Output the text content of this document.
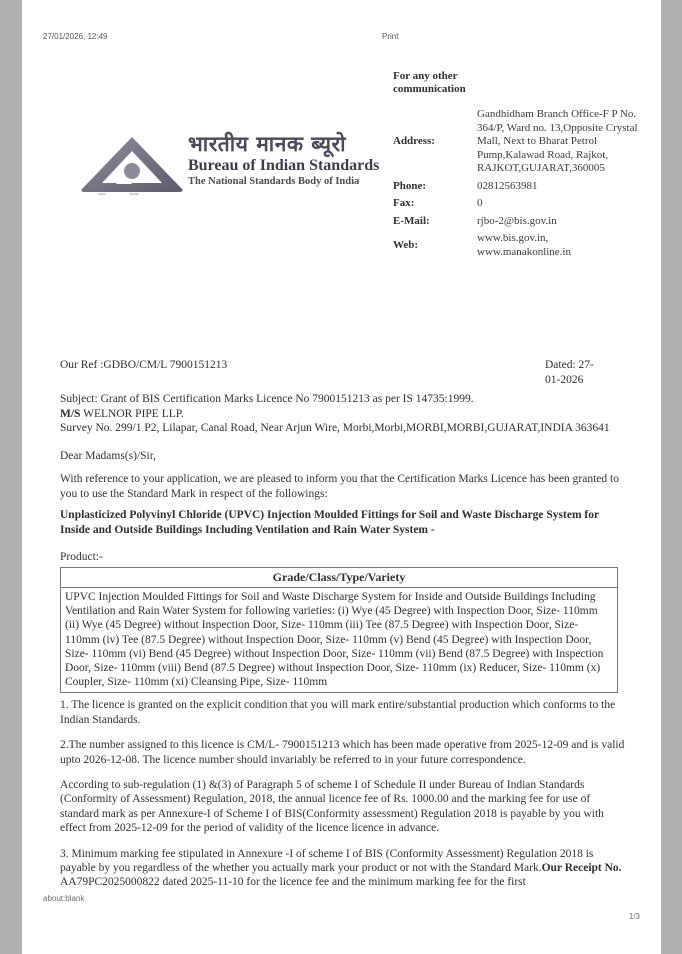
27/01/2026, 12:49	Print
For any other communication
Address:	Gandhidham Branch Office-F P No. 364/P, Ward no. 13,Opposite Crystal Mall, Next to Bharat Petrol Pump,Kalawad Road, Rajkot, RAJKOT,GUJARAT,360005
Phone:	02812563981
Fax:	0
E-Mail:	rjbo-2@bis.gov.in
Web:	www.bis.gov.in, www.manakonline.in
भारत	मानक
भारतीय मानक ब्यूरो
Bureau of Indian Standards
The National Standards Body of India
Our Ref :GDBO/CM/L 7900151213	Dated: 27-01-2026

Subject: Grant of BIS Certification Marks Licence No 7900151213 as per IS 14735:1999.

M/S WELNOR PIPE LLP.

Survey No. 299/1 P2, Lilapar, Canal Road, Near Arjun Wire, Morbi,Morbi,MORBI,MORBI,GUJARAT,INDIA 363641

Dear Madams(s)/Sir,

With reference to your application, we are pleased to inform you that the Certification Marks Licence has been granted to you to use the Standard Mark in respect of the followings:

Unplasticized Polyvinyl Chloride (UPVC) Injection Moulded Fittings for Soil and Waste Discharge System for Inside and Outside Buildings Including Ventilation and Rain Water System -

Product:-

Grade/Class/Type/Variety
UPVC Injection Moulded Fittings for Soil and Waste Discharge System for Inside and Outside Buildings Including Ventilation and Rain Water System for following varieties: (i) Wye (45 Degree) with Inspection Door, Size- 110mm (ii) Wye (45 Degree) without Inspection Door, Size- 110mm (iii) Tee (87.5 Degree) with Inspection Door, Size- 110mm (iv) Tee (87.5 Degree) without Inspection Door, Size- 110mm (v) Bend (45 Degree) with Inspection Door, Size- 110mm (vi) Bend (45 Degree) without Inspection Door, Size- 110mm (vii) Bend (87.5 Degree) with Inspection Door, Size- 110mm (viii) Bend (87.5 Degree) without Inspection Door, Size- 110mm (ix) Reducer, Size- 110mm (x) Coupler, Size- 110mm (xi) Cleansing Pipe, Size- 110mm

1. The licence is granted on the explicit condition that you will mark entire/substantial production which conforms to the Indian Standards.

2.The number assigned to this licence is CM/L- 7900151213 which has been made operative from 2025-12-09 and is valid upto 2026-12-08. The licence number should invariably be referred to in your future correspondence.

According to sub-regulation (1) &(3) of Paragraph 5 of scheme I of Schedule II under Bureau of Indian Standards (Conformity of Assessment) Regulation, 2018, the annual licence fee of Rs. 1000.00 and the marking fee for use of standard mark as per Annexure-I of Scheme I of BIS(Conformity assessment) Regulation 2018 is payable by you with effect from 2025-12-09 for the period of validity of the licence licence in advance.

3. Minimum marking fee stipulated in Annexure -I of scheme I of BIS (Conformity Assessment) Regulation 2018 is payable by you regardless of the whether you actually mark your product or not with the Standard Mark.Our Receipt No. AA79PC2025000822 dated 2025-11-10 for the licence fee and the minimum marking fee for the first

about:blank
1/3
